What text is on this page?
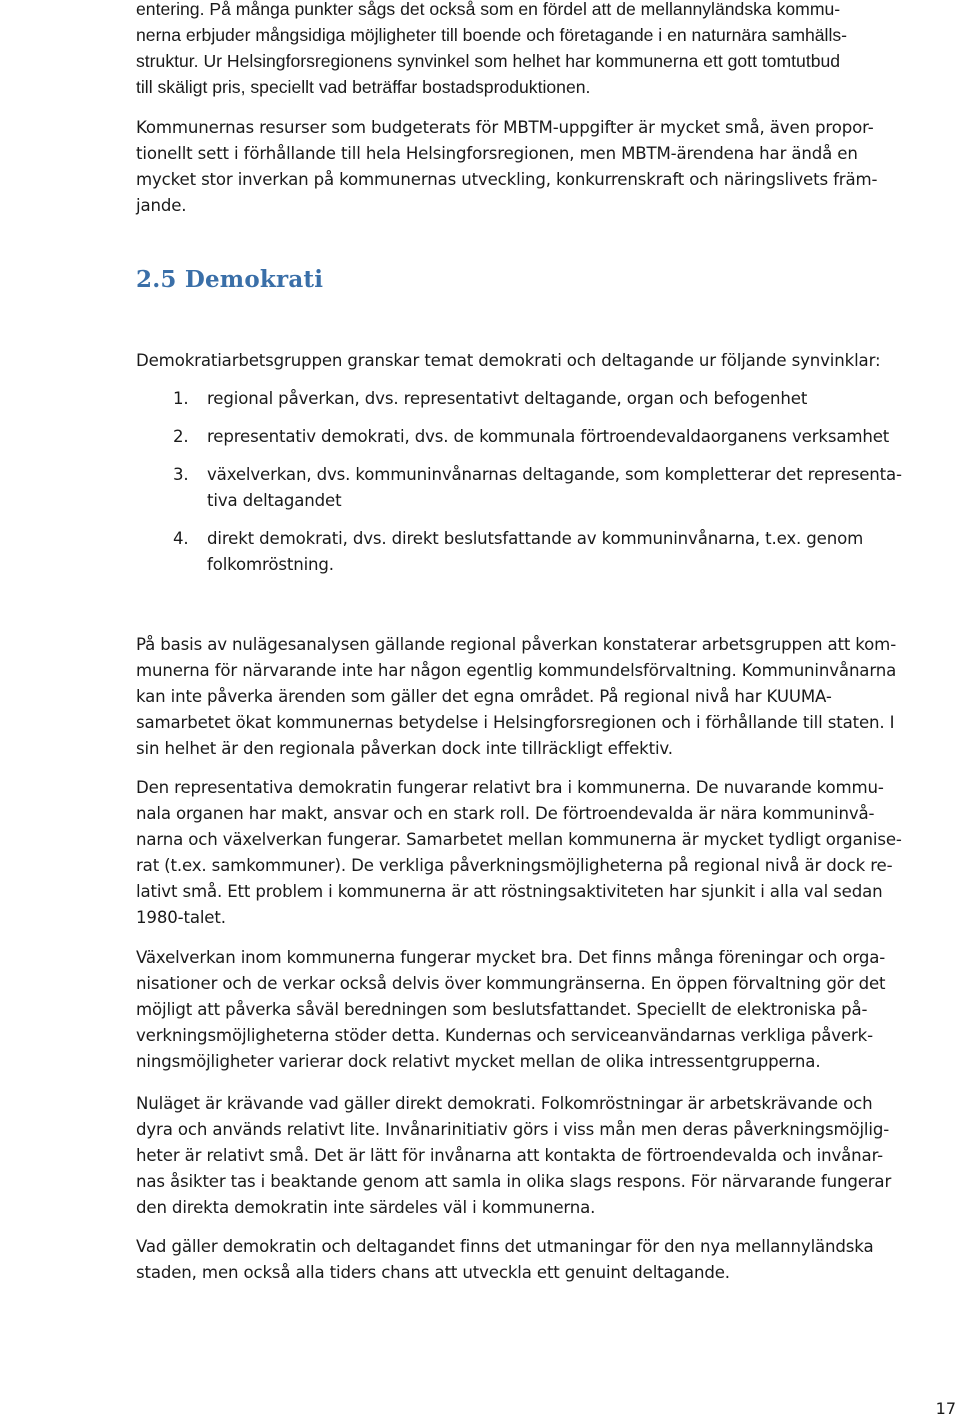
entering. På många punkter sågs det också som en fördel att de mellannyländska kommu-
nerna erbjuder mångsidiga möjligheter till boende och företagande i en naturnära samhälls-
struktur. Ur Helsingforsregionens synvinkel som helhet har kommunerna ett gott tomtutbud
till skäligt pris, speciellt vad beträffar bostadsproduktionen.
Kommunernas resurser som budgeterats för MBTM-uppgifter är mycket små, även propor-
tionellt sett i förhållande till hela Helsingforsregionen, men MBTM-ärendena har ändå en
mycket stor inverkan på kommunernas utveckling, konkurrenskraft och näringslivets främ-
jande.
2.5 Demokrati
Demokratiarbetsgruppen granskar temat demokrati och deltagande ur följande synvinklar:
1. regional påverkan, dvs. representativt deltagande, organ och befogenhet
2. representativ demokrati, dvs. de kommunala förtroendevaldaorganens verksamhet
3. växelverkan, dvs. kommuninvånarnas deltagande, som kompletterar det representa-
tiva deltagandet
4. direkt demokrati, dvs. direkt beslutsfattande av kommuninvånarna, t.ex. genom
folkomröstning.
På basis av nulägesanalysen gällande regional påverkan konstaterar arbetsgruppen att kom-
munerna för närvarande inte har någon egentlig kommundelsförvaltning. Kommuninvånarna
kan inte påverka ärenden som gäller det egna området. På regional nivå har KUUMA-
samarbetet ökat kommunernas betydelse i Helsingforsregionen och i förhållande till staten. I
sin helhet är den regionala påverkan dock inte tillräckligt effektiv.
Den representativa demokratin fungerar relativt bra i kommunerna. De nuvarande kommu-
nala organen har makt, ansvar och en stark roll. De förtroendevalda är nära kommuninvå-
narna och växelverkan fungerar. Samarbetet mellan kommunerna är mycket tydligt organise-
rat (t.ex. samkommuner). De verkliga påverkningsmöjligheterna på regional nivå är dock re-
lativt små. Ett problem i kommunerna är att röstningsaktiviteten har sjunkit i alla val sedan
1980-talet.
Växelverkan inom kommunerna fungerar mycket bra. Det finns många föreningar och orga-
nisationer och de verkar också delvis över kommungränserna. En öppen förvaltning gör det
möjligt att påverka såväl beredningen som beslutsfattandet. Speciellt de elektroniska på-
verkningsmöjligheterna stöder detta. Kundernas och serviceanvändarnas verkliga påverk-
ningsmöjligheter varierar dock relativt mycket mellan de olika intressentgrupperna.
Nuläget är krävande vad gäller direkt demokrati. Folkomröstningar är arbetskrävande och
dyra och används relativt lite. Invånarinitiativ görs i viss mån men deras påverkningsmöjlig-
heter är relativt små. Det är lätt för invånarna att kontakta de förtroendevalda och invånar-
nas åsikter tas i beaktande genom att samla in olika slags respons. För närvarande fungerar
den direkta demokratin inte särdeles väl i kommunerna.
Vad gäller demokratin och deltagandet finns det utmaningar för den nya mellannyländska
staden, men också alla tiders chans att utveckla ett genuint deltagande.
17
